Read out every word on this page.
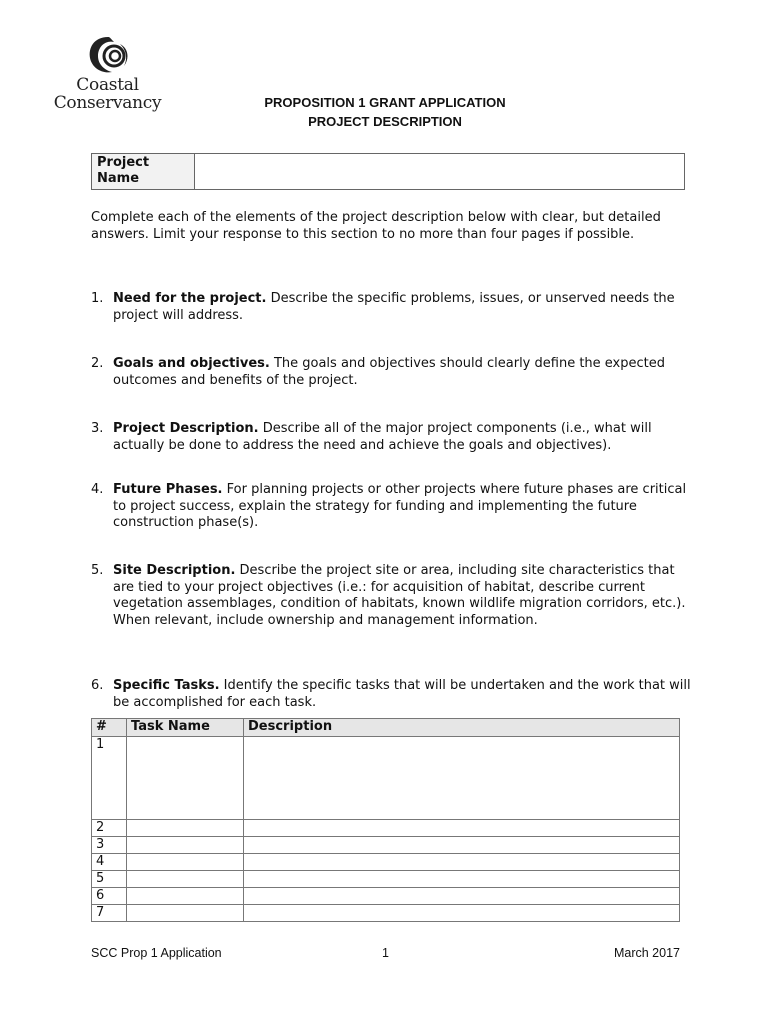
Coastal
Conservancy	PROPOSITION 1 GRANT APPLICATION
PROJECT DESCRIPTION
Project Name

Complete each of the elements of the project description below with clear, but detailed answers. Limit your response to this section to no more than four pages if possible.

1. Need for the project. Describe the specific problems, issues, or unserved needs the project will address.
2. Goals and objectives. The goals and objectives should clearly define the expected outcomes and benefits of the project.
3. Project Description. Describe all of the major project components (i.e., what will actually be done to address the need and achieve the goals and objectives).
4. Future Phases. For planning projects or other projects where future phases are critical to project success, explain the strategy for funding and implementing the future construction phase(s).
5. Site Description. Describe the project site or area, including site characteristics that are tied to your project objectives (i.e.: for acquisition of habitat, describe current vegetation assemblages, condition of habitats, known wildlife migration corridors, etc.). When relevant, include ownership and management information.
6. Specific Tasks. Identify the specific tasks that will be undertaken and the work that will be accomplished for each task.
#	Task Name	Description
1		
2		
3		
4		
5		
6		
7		
SCC Prop 1 Application	1	March 2017
